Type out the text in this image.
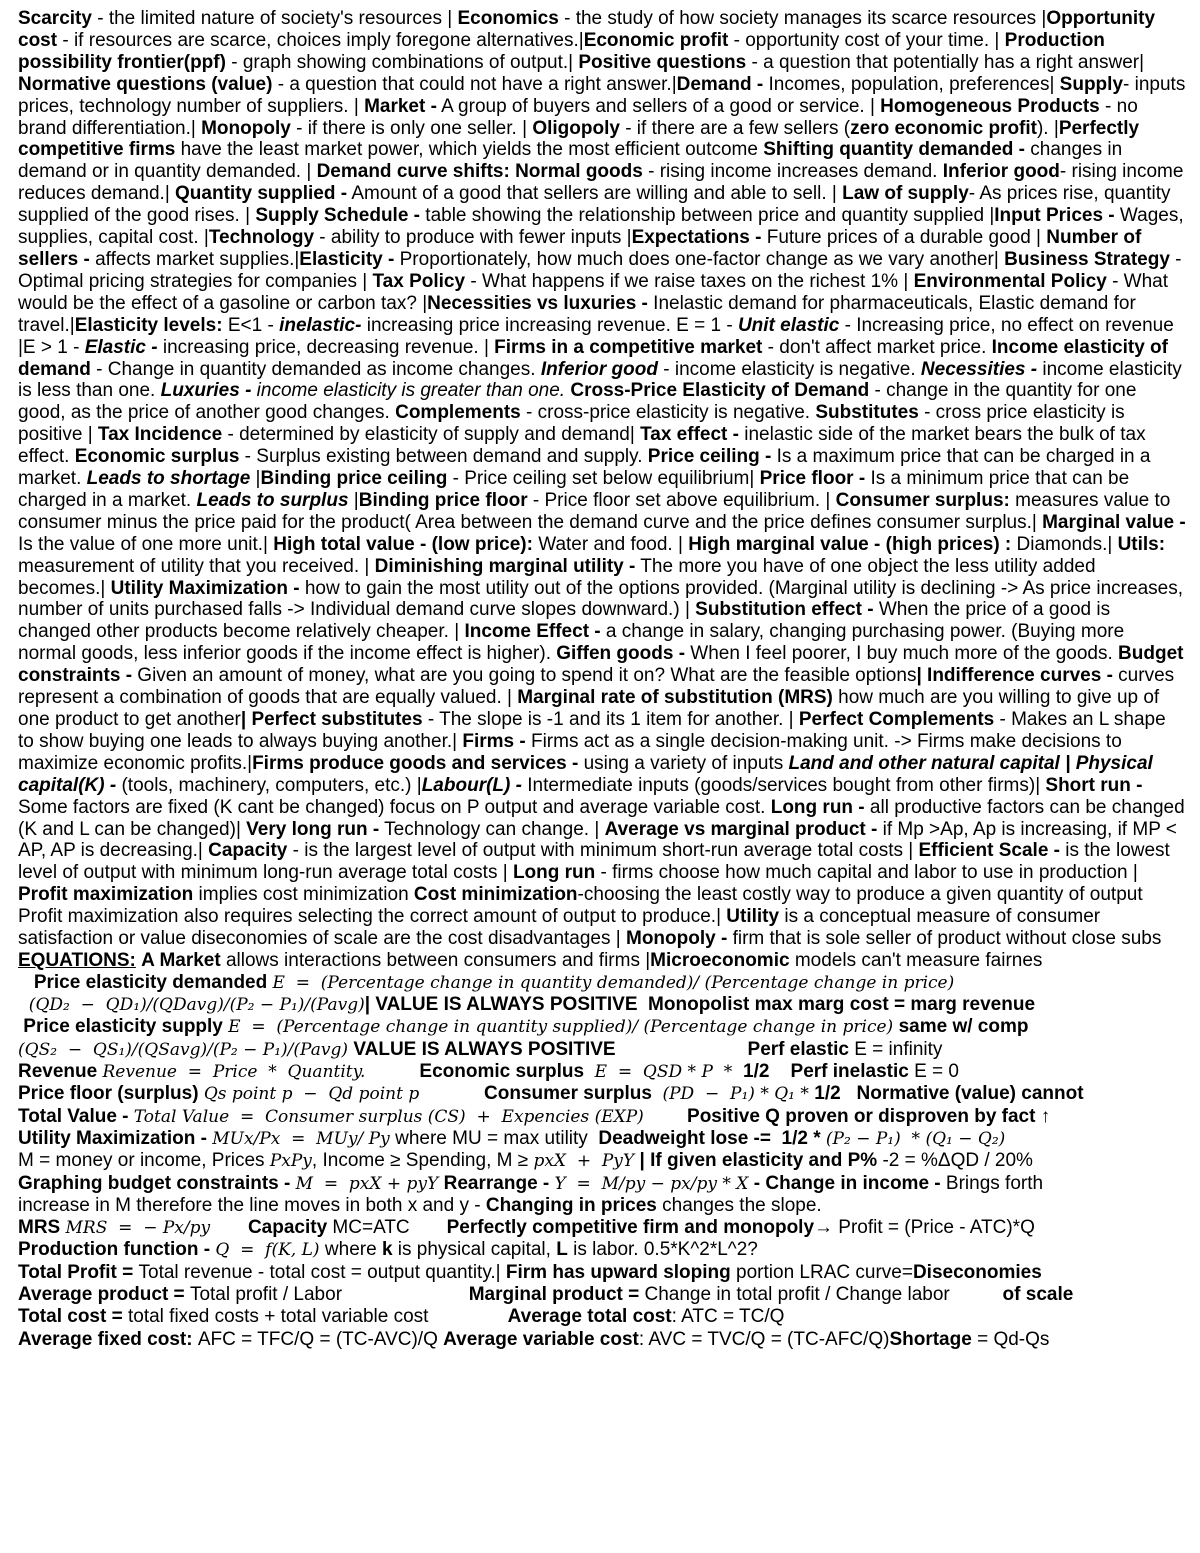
Scarcity - the limited nature of society's resources | Economics - the study of how society manages its scarce resources |Opportunity cost - if resources are scarce, choices imply foregone alternatives.|Economic profit - opportunity cost of your time. | Production possibility frontier(ppf) - graph showing combinations of output.| Positive questions - a question that potentially has a right answer| Normative questions (value) - a question that could not have a right answer.|Demand - Incomes, population, preferences| Supply- inputs prices, technology number of suppliers. | Market - A group of buyers and sellers of a good or service. | Homogeneous Products - no brand differentiation.| Monopoly - if there is only one seller. | Oligopoly - if there are a few sellers (zero economic profit). |Perfectly competitive firms have the least market power, which yields the most efficient outcome Shifting quantity demanded - changes in demand or in quantity demanded. | Demand curve shifts: Normal goods - rising income increases demand. Inferior good- rising income reduces demand.| Quantity supplied - Amount of a good that sellers are willing and able to sell. | Law of supply- As prices rise, quantity supplied of the good rises. | Supply Schedule - table showing the relationship between price and quantity supplied |Input Prices - Wages, supplies, capital cost. |Technology - ability to produce with fewer inputs |Expectations - Future prices of a durable good | Number of sellers - affects market supplies.|Elasticity - Proportionately, how much does one-factor change as we vary another| Business Strategy - Optimal pricing strategies for companies | Tax Policy - What happens if we raise taxes on the richest 1% | Environmental Policy - What would be the effect of a gasoline or carbon tax? |Necessities vs luxuries - Inelastic demand for pharmaceuticals, Elastic demand for travel.|Elasticity levels: E<1 - inelastic- increasing price increasing revenue. E = 1 - Unit elastic - Increasing price, no effect on revenue |E > 1 - Elastic - increasing price, decreasing revenue. | Firms in a competitive market - don't affect market price. Income elasticity of demand - Change in quantity demanded as income changes. Inferior good - income elasticity is negative. Necessities - income elasticity is less than one. Luxuries - income elasticity is greater than one. Cross-Price Elasticity of Demand - change in the quantity for one good, as the price of another good changes. Complements - cross-price elasticity is negative. Substitutes - cross price elasticity is positive | Tax Incidence - determined by elasticity of supply and demand| Tax effect - inelastic side of the market bears the bulk of tax effect. Economic surplus - Surplus existing between demand and supply. Price ceiling - Is a maximum price that can be charged in a market. Leads to shortage |Binding price ceiling - Price ceiling set below equilibrium| Price floor - Is a minimum price that can be charged in a market. Leads to surplus |Binding price floor - Price floor set above equilibrium. | Consumer surplus: measures value to consumer minus the price paid for the product( Area between the demand curve and the price defines consumer surplus.| Marginal value - Is the value of one more unit.| High total value - (low price): Water and food. | High marginal value - (high prices) : Diamonds.| Utils: measurement of utility that you received. | Diminishing marginal utility - The more you have of one object the less utility added becomes.| Utility Maximization - how to gain the most utility out of the options provided. (Marginal utility is declining -> As price increases, number of units purchased falls -> Individual demand curve slopes downward.) | Substitution effect - When the price of a good is changed other products become relatively cheaper. | Income Effect - a change in salary, changing purchasing power. (Buying more normal goods, less inferior goods if the income effect is higher). Giffen goods - When I feel poorer, I buy much more of the goods. Budget constraints - Given an amount of money, what are you going to spend it on? What are the feasible options| Indifference curves - curves represent a combination of goods that are equally valued. | Marginal rate of substitution (MRS) how much are you willing to give up of one product to get another| Perfect substitutes - The slope is -1 and its 1 item for another. | Perfect Complements - Makes an L shape to show buying one leads to always buying another.| Firms - Firms act as a single decision-making unit. -> Firms make decisions to maximize economic profits.|Firms produce goods and services - using a variety of inputs Land and other natural capital | Physical capital(K) - (tools, machinery, computers, etc.) |Labour(L) - Intermediate inputs (goods/services bought from other firms)| Short run - Some factors are fixed (K cant be changed) focus on P output and average variable cost. Long run - all productive factors can be changed (K and L can be changed)| Very long run - Technology can change. | Average vs marginal product - if Mp >Ap, Ap is increasing, if MP < AP, AP is decreasing.| Capacity - is the largest level of output with minimum short-run average total costs | Efficient Scale - is the lowest level of output with minimum long-run average total costs | Long run - firms choose how much capital and labor to use in production | Profit maximization implies cost minimization Cost minimization-choosing the least costly way to produce a given quantity of output Profit maximization also requires selecting the correct amount of output to produce.| Utility is a conceptual measure of consumer satisfaction or value diseconomies of scale are the cost disadvantages | Monopoly - firm that is sole seller of product without close subs EQUATIONS: A Market allows interactions between consumers and firms |Microeconomic models can't measure fairnes

Price elasticity demanded E  =  (Percentage change in quantity demanded)/ (Percentage change in price)
(QD₂  −  QD₁)/(QDavg)/(P₂ − P₁)/(Pavg)| VALUE IS ALWAYS POSITIVE  Monopolist max marg cost = marg revenue
Price elasticity supply E  =  (Percentage change in quantity supplied)/ (Percentage change in price) same w/ comp
(QS₂  −  QS₁)/(QSavg)/(P₂ − P₁)/(Pavg) VALUE IS ALWAYS POSITIVE                         Perf elastic E = infinity
Revenue Revenue  =  Price  *  Quantity.          Economic surplus  E  =  QSD * P  *  1/2    Perf inelastic E = 0
Price floor (surplus) Qs point p  −  Qd point p            Consumer surplus  (PD  −  P₁) * Q₁ * 1/2   Normative (value) cannot
Total Value - Total Value  =  Consumer surplus (CS)  +  Expencies (EXP)        Positive Q proven or disproven by fact ↑
Utility Maximization - MUx/Px  =  MUy/ Py where MU = max utility  Deadweight lose -=  1/2 * (P₂ − P₁)  * (Q₁ − Q₂)
M = money or income, Prices PxPy, Income ≥ Spending, M ≥ pxX  +  PyY | If given elasticity and P% -2 = %ΔQD / 20%
Graphing budget constraints - M  =  pxX + pyY Rearrange - Y  =  M/py − px/py * X - Change in income - Brings forth
increase in M therefore the line moves in both x and y - Changing in prices changes the slope.
MRS MRS  =  − Px/py       Capacity MC=ATC       Perfectly competitive firm and monopoly→ Profit = (Price - ATC)*Q
Production function - Q  =  f(K, L) where k is physical capital, L is labor. 0.5*K^2*L^2?
Total Profit = Total revenue - total cost = output quantity.| Firm has upward sloping portion LRAC curve=Diseconomies
Average product = Total profit / Labor                        Marginal product = Change in total profit / Change labor          of scale
Total cost = total fixed costs + total variable cost               Average total cost: ATC = TC/Q
Average fixed cost: AFC = TFC/Q = (TC-AVC)/Q Average variable cost: AVC = TVC/Q = (TC-AFC/Q)Shortage = Qd-Qs
